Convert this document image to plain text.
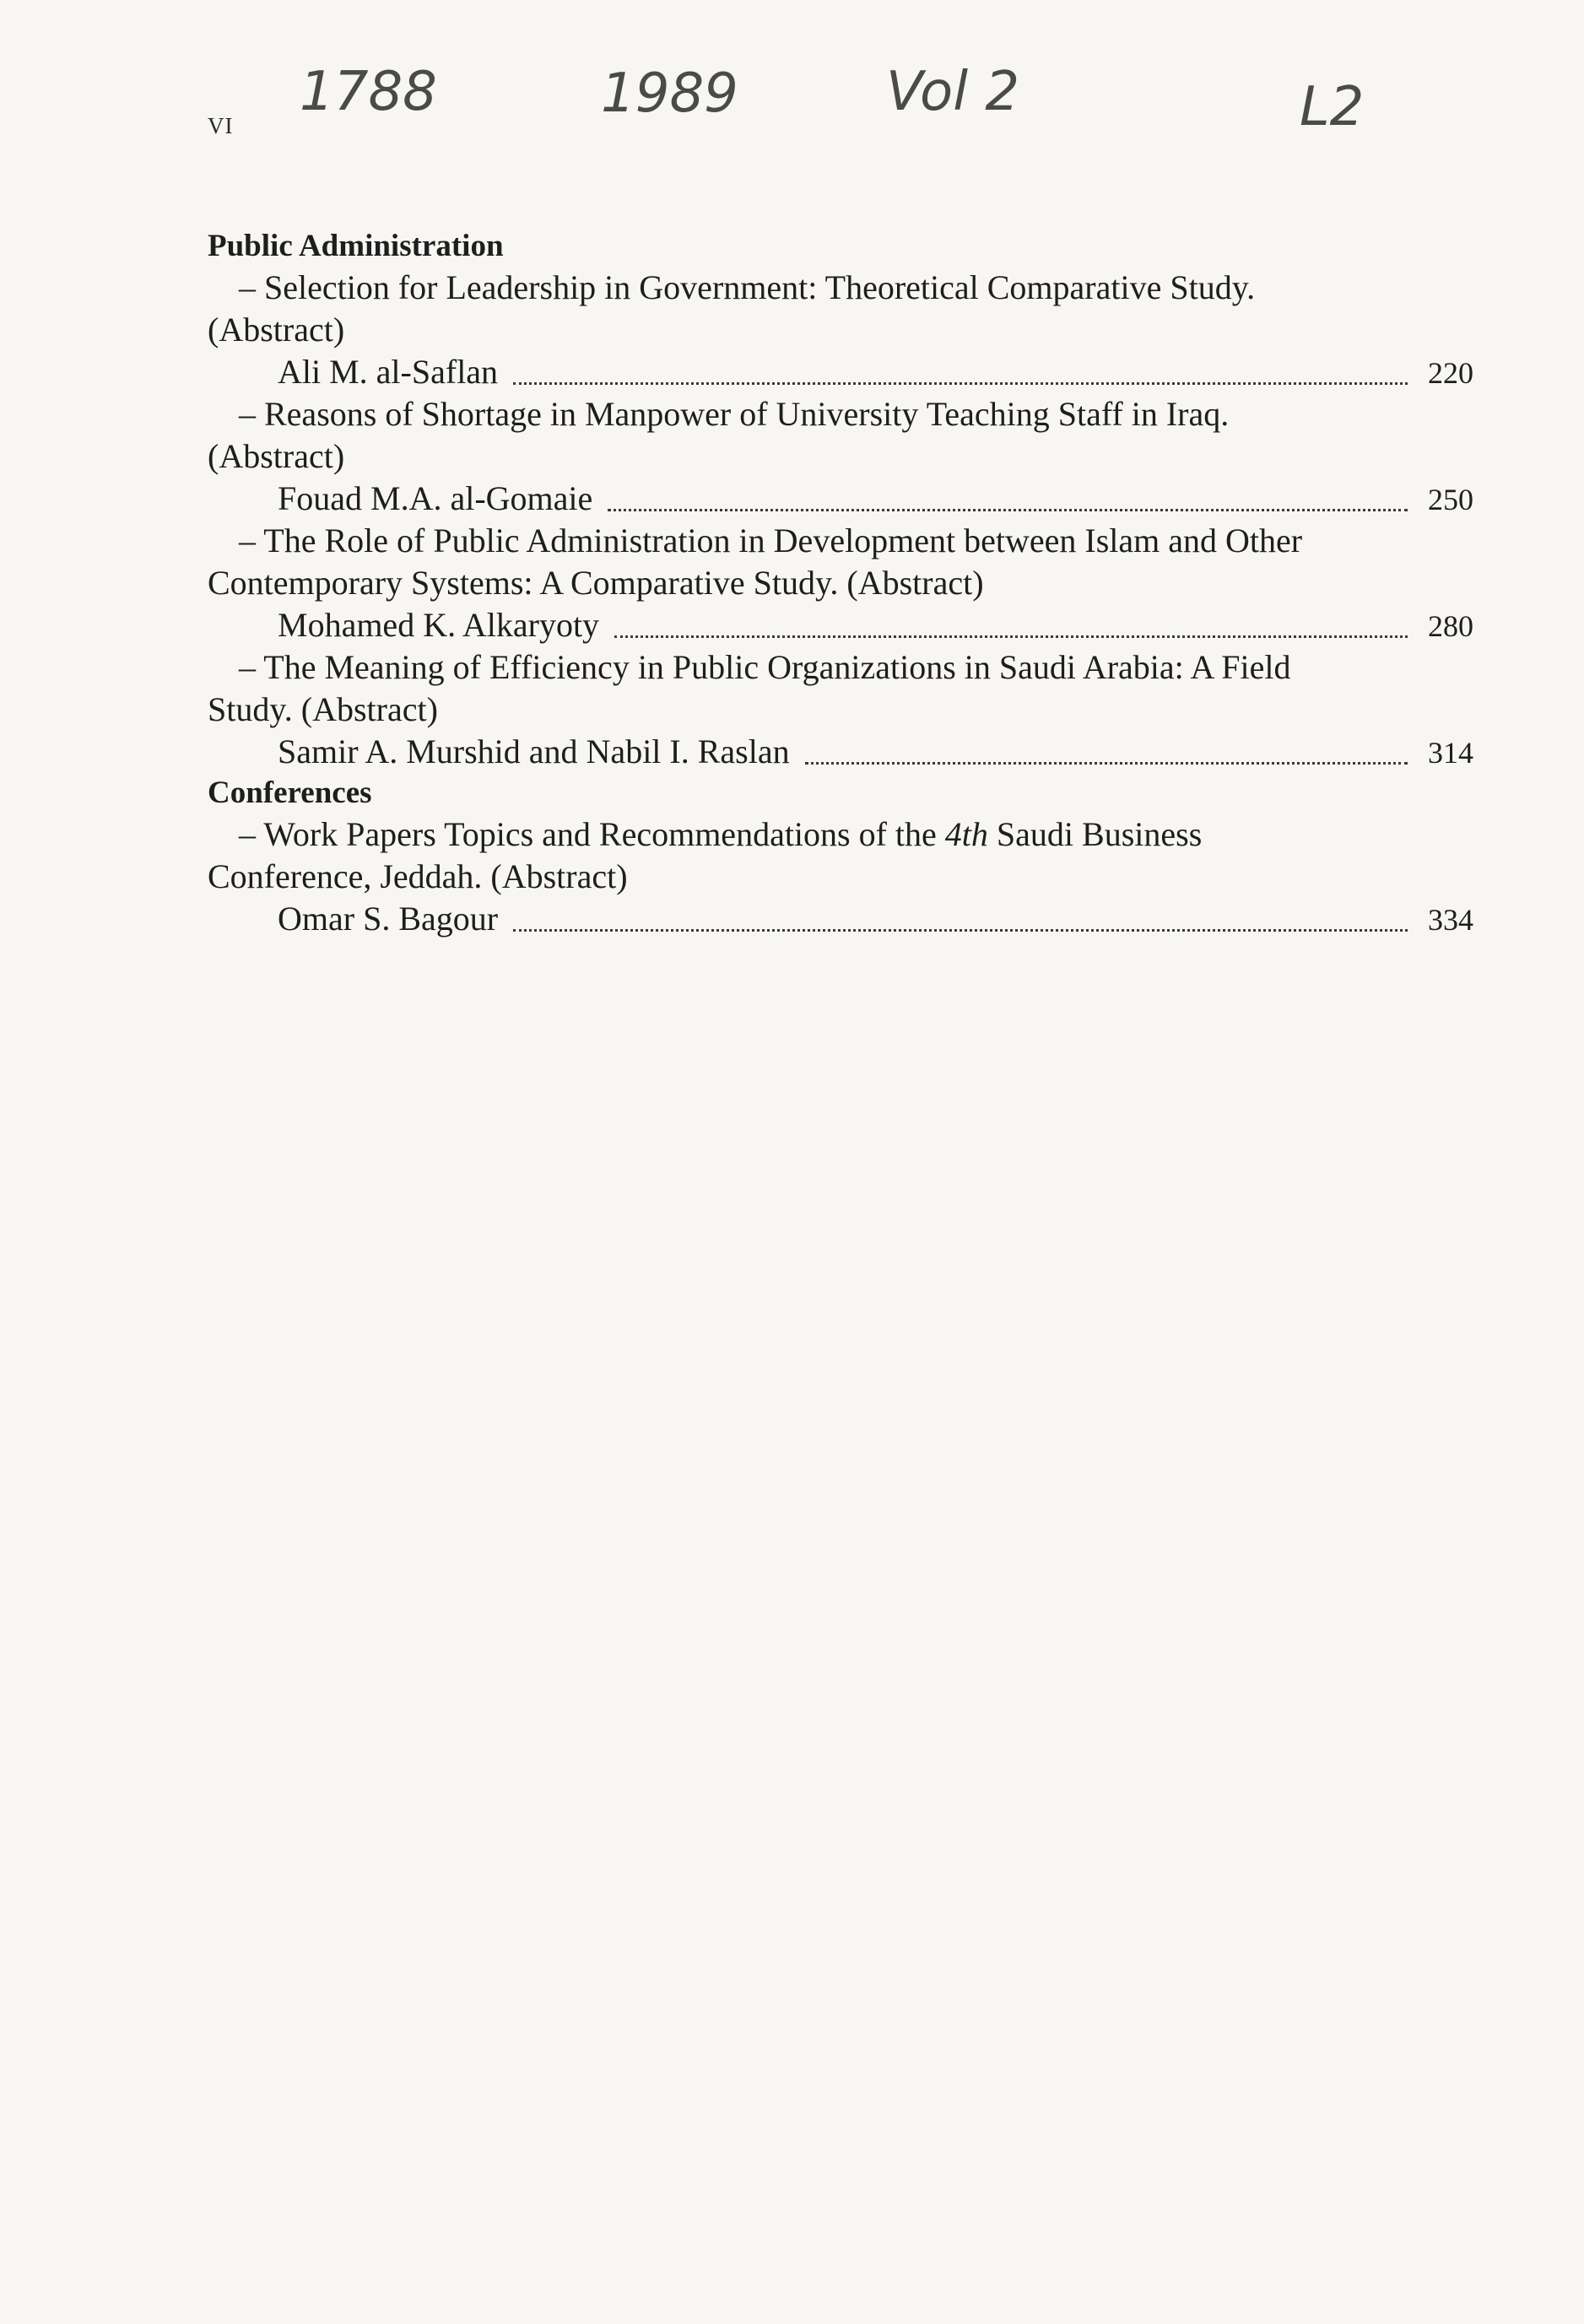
VI
1788	1989	Vol 2	L2
Public Administration
– Selection for Leadership in Government: Theoretical Comparative Study. (Abstract)
Ali M. al-Saflan	220
– Reasons of Shortage in Manpower of University Teaching Staff in Iraq. (Abstract)
Fouad M.A. al-Gomaie	250
– The Role of Public Administration in Development between Islam and Other Contemporary Systems: A Comparative Study. (Abstract)
Mohamed K. Alkaryoty	280
– The Meaning of Efficiency in Public Organizations in Saudi Arabia: A Field Study. (Abstract)
Samir A. Murshid and Nabil I. Raslan	314
Conferences
– Work Papers Topics and Recommendations of the 4th Saudi Business Conference, Jeddah. (Abstract)
Omar S. Bagour	334
